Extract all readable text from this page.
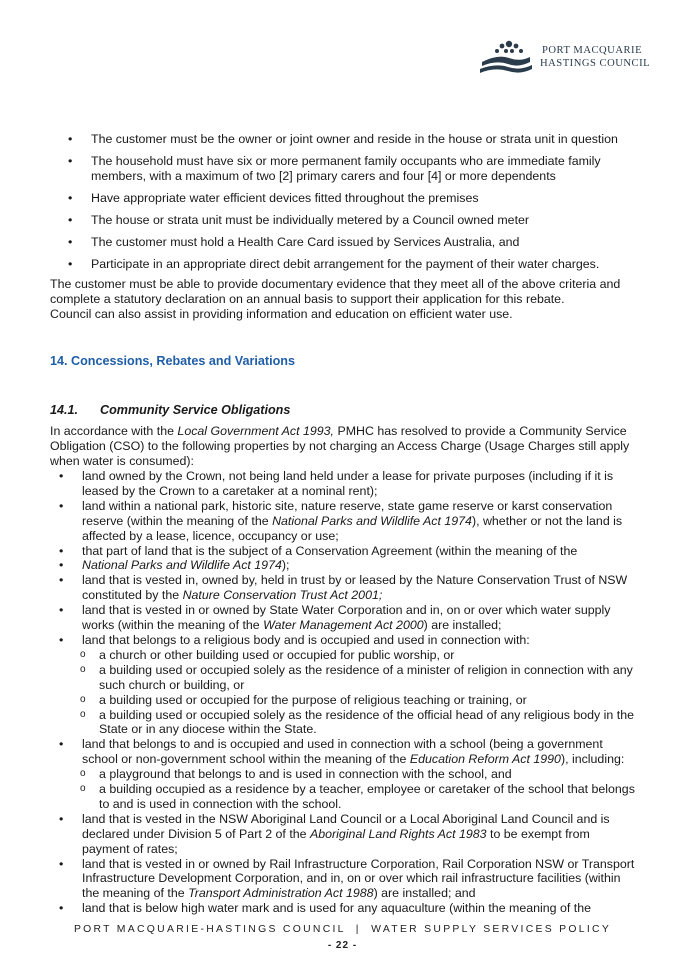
PORT MACQUARIE
HASTINGS COUNCIL
• The customer must be the owner or joint owner and reside in the house or strata unit in question
• The household must have six or more permanent family occupants who are immediate family members, with a maximum of two [2] primary carers and four [4] or more dependents
• Have appropriate water efficient devices fitted throughout the premises
• The house or strata unit must be individually metered by a Council owned meter
• The customer must hold a Health Care Card issued by Services Australia, and
• Participate in an appropriate direct debit arrangement for the payment of their water charges.

The customer must be able to provide documentary evidence that they meet all of the above criteria and complete a statutory declaration on an annual basis to support their application for this rebate.

Council can also assist in providing information and education on efficient water use.

14. Concessions, Rebates and Variations
14.1. Community Service Obligations

In accordance with the Local Government Act 1993, PMHC has resolved to provide a Community Service Obligation (CSO) to the following properties by not charging an Access Charge (Usage Charges still apply when water is consumed):

• land owned by the Crown, not being land held under a lease for private purposes (including if it is leased by the Crown to a caretaker at a nominal rent);
• land within a national park, historic site, nature reserve, state game reserve or karst conservation reserve (within the meaning of the National Parks and Wildlife Act 1974), whether or not the land is affected by a lease, licence, occupancy or use;
• that part of land that is the subject of a Conservation Agreement (within the meaning of the
• National Parks and Wildlife Act 1974);
• land that is vested in, owned by, held in trust by or leased by the Nature Conservation Trust of NSW constituted by the Nature Conservation Trust Act 2001;
• land that is vested in or owned by State Water Corporation and in, on or over which water supply works (within the meaning of the Water Management Act 2000) are installed;
• land that belongs to a religious body and is occupied and used in connection with:
o a church or other building used or occupied for public worship, or
o a building used or occupied solely as the residence of a minister of religion in connection with any such church or building, or
o a building used or occupied for the purpose of religious teaching or training, or
o a building used or occupied solely as the residence of the official head of any religious body in the State or in any diocese within the State.
• land that belongs to and is occupied and used in connection with a school (being a government school or non-government school within the meaning of the Education Reform Act 1990), including:
o a playground that belongs to and is used in connection with the school, and
o a building occupied as a residence by a teacher, employee or caretaker of the school that belongs to and is used in connection with the school.
• land that is vested in the NSW Aboriginal Land Council or a Local Aboriginal Land Council and is declared under Division 5 of Part 2 of the Aboriginal Land Rights Act 1983 to be exempt from payment of rates;
• land that is vested in or owned by Rail Infrastructure Corporation, Rail Corporation NSW or Transport Infrastructure Development Corporation, and in, on or over which rail infrastructure facilities (within the meaning of the Transport Administration Act 1988) are installed; and
• land that is below high water mark and is used for any aquaculture (within the meaning of the
PORT MACQUARIE-HASTINGS COUNCIL  |  WATER SUPPLY SERVICES POLICY
- 22 -
